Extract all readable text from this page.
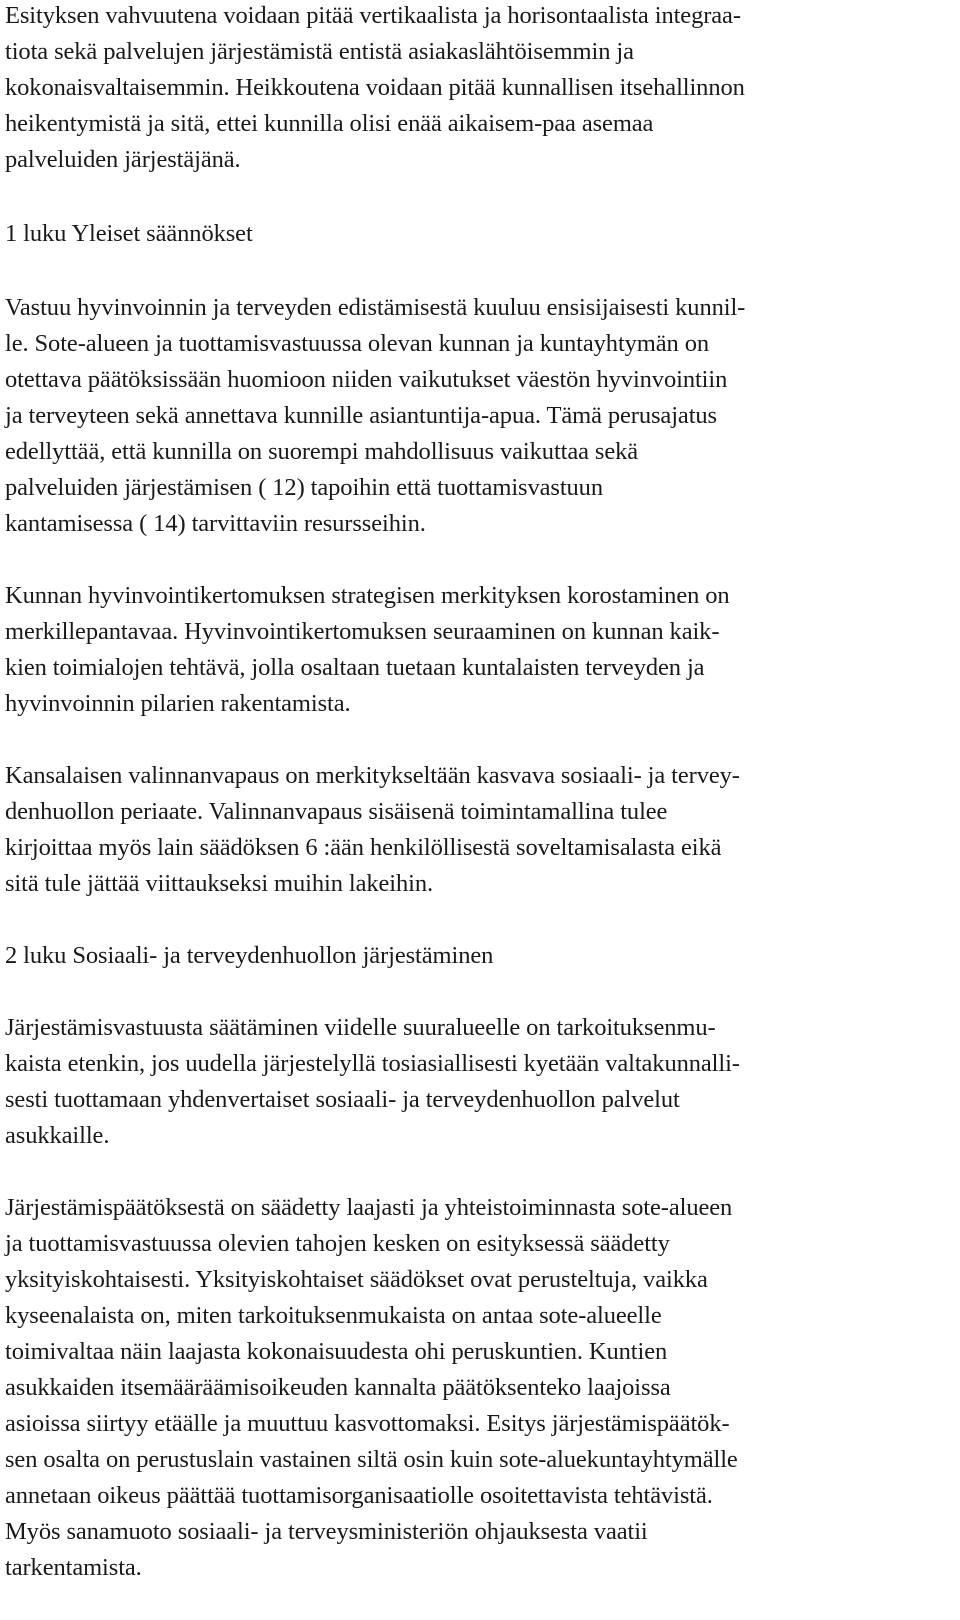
Esityksen vahvuutena voidaan pitää vertikaalista ja horisontaalista integraa-
tiota sekä palvelujen järjestämistä entistä asiakaslähtöisemmin ja
kokonaisvaltaisemmin. Heikkoutena voidaan pitää kunnallisen itsehallinnon
heikentymistä ja sitä, ettei kunnilla olisi enää aikaisem-paa asemaa
palveluiden järjestäjänä.
1 luku Yleiset säännökset
Vastuu hyvinvoinnin ja terveyden edistämisestä kuuluu ensisijaisesti kunnil-
le. Sote-alueen ja tuottamisvastuussa olevan kunnan ja kuntayhtymän on
otettava päätöksissään huomioon niiden vaikutukset väestön hyvinvointiin
ja terveyteen sekä annettava kunnille asiantuntija-apua. Tämä perusajatus
edellyttää, että kunnilla on suorempi mahdollisuus vaikuttaa sekä
palveluiden järjestämisen ( 12) tapoihin että tuottamisvastuun
kantamisessa ( 14) tarvittaviin resursseihin.
Kunnan hyvinvointikertomuksen strategisen merkityksen korostaminen on
merkillepantavaa. Hyvinvointikertomuksen seuraaminen on kunnan kaik-
kien toimialojen tehtävä, jolla osaltaan tuetaan kuntalaisten terveyden ja
hyvinvoinnin pilarien rakentamista.
Kansalaisen valinnanvapaus on merkitykseltään kasvava sosiaali- ja tervey-
denhuollon periaate. Valinnanvapaus sisäisenä toimintamallina tulee
kirjoittaa myös lain säädöksen 6 :ään henkilöllisestä soveltamisalasta eikä
sitä tule jättää viittaukseksi muihin lakeihin.
2 luku Sosiaali- ja terveydenhuollon järjestäminen
Järjestämisvastuusta säätäminen viidelle suuralueelle on tarkoituksenmu-
kaista etenkin, jos uudella järjestelyllä tosiasiallisesti kyetään valtakunnalli-
sesti tuottamaan yhdenvertaiset sosiaali- ja terveydenhuollon palvelut
asukkaille.
Järjestämispäätöksestä on säädetty laajasti ja yhteistoiminnasta sote-alueen
ja tuottamisvastuussa olevien tahojen kesken on esityksessä säädetty
yksityiskohtaisesti. Yksityiskohtaiset säädökset ovat perusteltuja, vaikka
kyseenalaista on, miten tarkoituksenmukaista on antaa sote-alueelle
toimivaltaa näin laajasta kokonaisuudesta ohi peruskuntien. Kuntien
asukkaiden itsemääräämisoikeuden kannalta päätöksenteko laajoissa
asioissa siirtyy etäälle ja muuttuu kasvottomaksi. Esitys järjestämispäätök-
sen osalta on perustuslain vastainen siltä osin kuin sote-aluekuntayhtymälle
annetaan oikeus päättää tuottamisorganisaatiolle osoitettavista tehtävistä.
Myös sanamuoto sosiaali- ja terveysministeriön ohjauksesta vaatii
tarkentamista.
